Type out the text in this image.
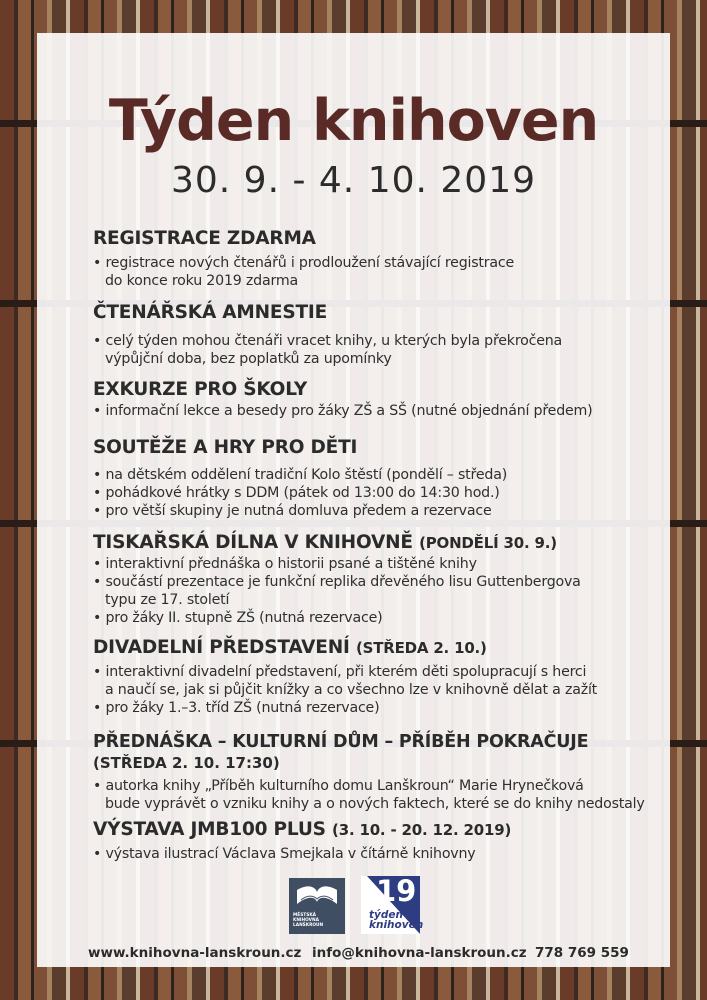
Týden knihoven
30. 9. - 4. 10. 2019
REGISTRACE ZDARMA
• registrace nových čtenářů i prodloužení stávající registrace
do konce roku 2019 zdarma
ČTENÁŘSKÁ AMNESTIE
• celý týden mohou čtenáři vracet knihy, u kterých byla překročena
výpůjční doba, bez poplatků za upomínky
EXKURZE PRO ŠKOLY
• informační lekce a besedy pro žáky ZŠ a SŠ (nutné objednání předem)
SOUTĚŽE A HRY PRO DĚTI
• na dětském oddělení tradiční Kolo štěstí (pondělí – středa)
• pohádkové hrátky s DDM (pátek od 13:00 do 14:30 hod.)
• pro větší skupiny je nutná domluva předem a rezervace
TISKAŘSKÁ DÍLNA V KNIHOVNĚ (PONDĚLÍ 30. 9.)
• interaktivní přednáška o historii psané a tištěné knihy
• součástí prezentace je funkční replika dřevěného lisu Guttenbergova
typu ze 17. století
• pro žáky II. stupně ZŠ (nutná rezervace)
DIVADELNÍ PŘEDSTAVENÍ (STŘEDA 2. 10.)
• interaktivní divadelní představení, při kterém děti spolupracují s herci
a naučí se, jak si půjčit knížky a co všechno lze v knihovně dělat a zažít
• pro žáky 1.–3. tříd ZŠ (nutná rezervace)
PŘEDNÁŠKA – KULTURNÍ DŮM – PŘÍBĚH POKRAČUJE
(STŘEDA 2. 10. 17:30)
• autorka knihy „Příběh kulturního domu Lanškroun“ Marie Hrynečková
bude vyprávět o vzniku knihy a o nových faktech, které se do knihy nedostaly
VÝSTAVA JMB100 PLUS (3. 10. - 20. 12. 2019)
• výstava ilustrací Václava Smejkala v čítárně knihovny
MĚSTSKÁ
KNIHOVNA
LANŠKROUN
19
týden
knihoven
www.knihovna-lanskroun.cz info@knihovna-lanskroun.cz 778 769 559
